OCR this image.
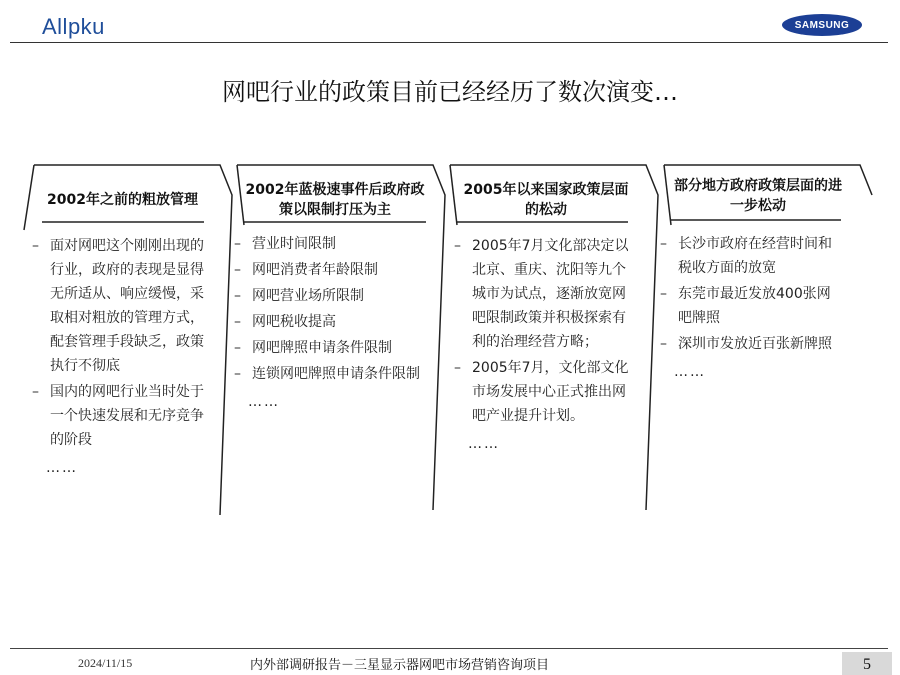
Allpku	SAMSUNG
网吧行业的政策目前已经经历了数次演变…
2002年之前的粗放管理
2002年蓝极速事件后政府政策以限制打压为主
2005年以来国家政策层面的松动
部分地方政府政策层面的进一步松动
– 面对网吧这个刚刚出现的行业，政府的表现是显得无所适从、响应缓慢，采取相对粗放的管理方式，配套管理手段缺乏，政策执行不彻底
– 国内的网吧行业当时处于一个快速发展和无序竞争的阶段
……
– 营业时间限制
– 网吧消费者年龄限制
– 网吧营业场所限制
– 网吧税收提高
– 网吧牌照申请条件限制
– 连锁网吧牌照申请条件限制
……
– 2005年7月文化部决定以北京、重庆、沈阳等九个城市为试点，逐渐放宽网吧限制政策并积极探索有利的治理经营方略；
– 2005年7月，文化部文化市场发展中心正式推出网吧产业提升计划。
……
– 长沙市政府在经营时间和税收方面的放宽
– 东莞市最近发放400张网吧牌照
– 深圳市发放近百张新牌照
……
2024/11/15	内外部调研报告－三星显示器网吧市场营销咨询项目	5
